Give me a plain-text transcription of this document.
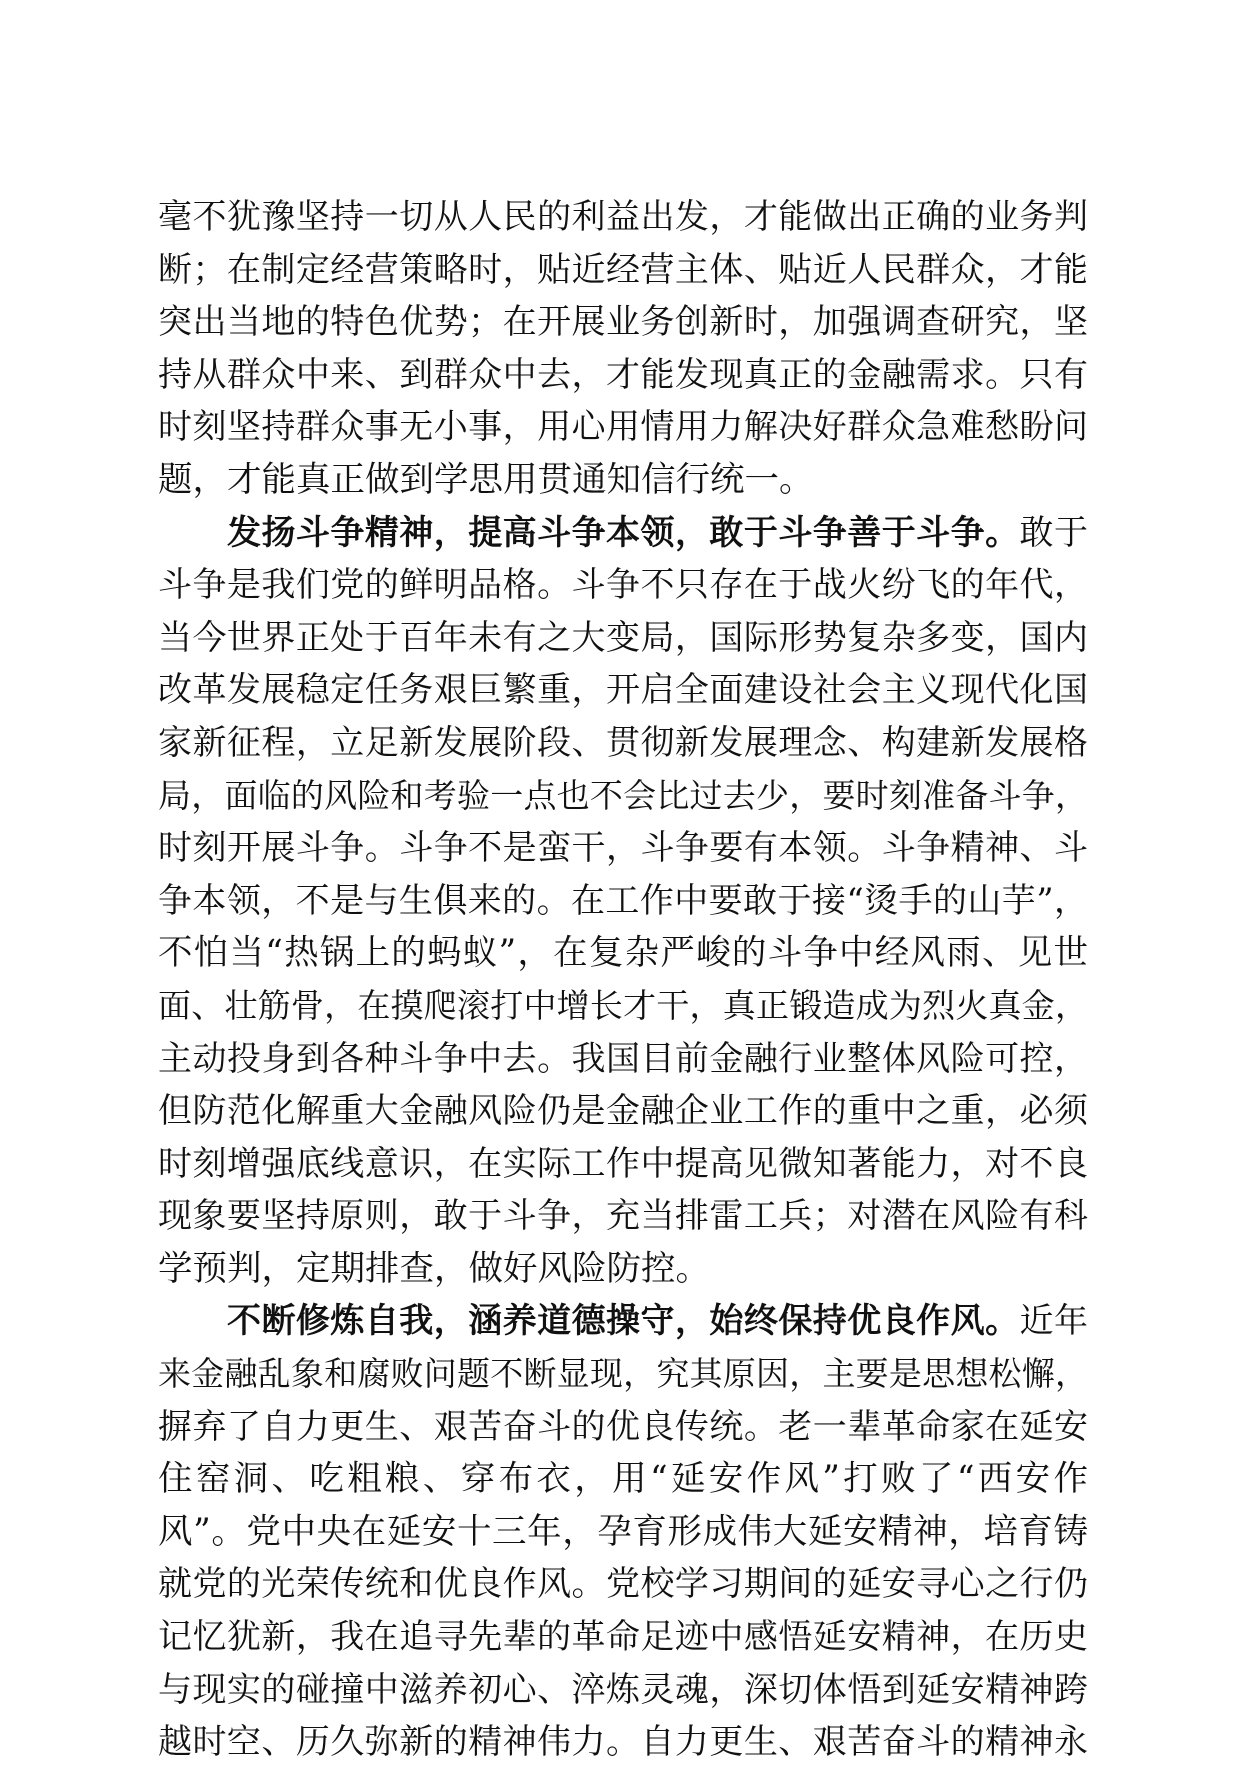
毫不犹豫坚持一切从人民的利益出发，才能做出正确的业务判
断；在制定经营策略时，贴近经营主体、贴近人民群众，才能
突出当地的特色优势；在开展业务创新时，加强调查研究，坚
持从群众中来、到群众中去，才能发现真正的金融需求。只有
时刻坚持群众事无小事，用心用情用力解决好群众急难愁盼问
题，才能真正做到学思用贯通知信行统一。
发扬斗争精神，提高斗争本领，敢于斗争善于斗争。敢于
斗争是我们党的鲜明品格。斗争不只存在于战火纷飞的年代，
当今世界正处于百年未有之大变局，国际形势复杂多变，国内
改革发展稳定任务艰巨繁重，开启全面建设社会主义现代化国
家新征程，立足新发展阶段、贯彻新发展理念、构建新发展格
局，面临的风险和考验一点也不会比过去少，要时刻准备斗争，
时刻开展斗争。斗争不是蛮干，斗争要有本领。斗争精神、斗
争本领，不是与生俱来的。在工作中要敢于接“烫手的山芋”，
不怕当“热锅上的蚂蚁”，在复杂严峻的斗争中经风雨、见世
面、壮筋骨，在摸爬滚打中增长才干，真正锻造成为烈火真金，
主动投身到各种斗争中去。我国目前金融行业整体风险可控，
但防范化解重大金融风险仍是金融企业工作的重中之重，必须
时刻增强底线意识，在实际工作中提高见微知著能力，对不良
现象要坚持原则，敢于斗争，充当排雷工兵；对潜在风险有科
学预判，定期排查，做好风险防控。
不断修炼自我，涵养道德操守，始终保持优良作风。近年
来金融乱象和腐败问题不断显现，究其原因，主要是思想松懈，
摒弃了自力更生、艰苦奋斗的优良传统。老一辈革命家在延安
住窑洞、吃粗粮、穿布衣，用“延安作风”打败了“西安作
风”。党中央在延安十三年，孕育形成伟大延安精神，培育铸
就党的光荣传统和优良作风。党校学习期间的延安寻心之行仍
记忆犹新，我在追寻先辈的革命足迹中感悟延安精神，在历史
与现实的碰撞中滋养初心、淬炼灵魂，深切体悟到延安精神跨
越时空、历久弥新的精神伟力。自力更生、艰苦奋斗的精神永
